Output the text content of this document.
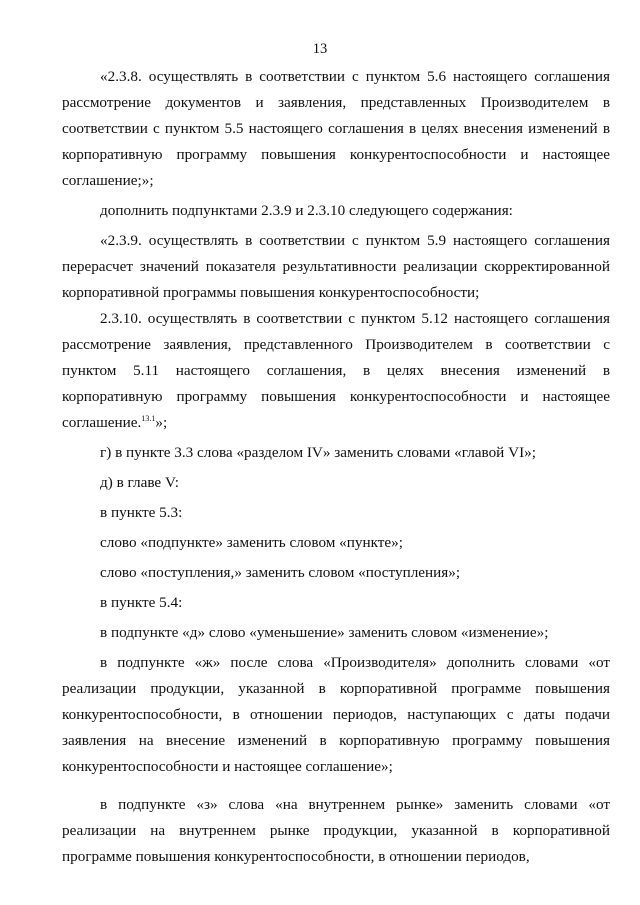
13

«2.3.8. осуществлять в соответствии с пунктом 5.6 настоящего соглашения рассмотрение документов и заявления, представленных Производителем в соответствии с пунктом 5.5 настоящего соглашения в целях внесения изменений в корпоративную программу повышения конкурентоспособности и настоящее соглашение;»;

дополнить подпунктами 2.3.9 и 2.3.10 следующего содержания:

«2.3.9. осуществлять в соответствии с пунктом 5.9 настоящего соглашения перерасчет значений показателя результативности реализации скорректированной корпоративной программы повышения конкурентоспособности;

2.3.10. осуществлять в соответствии с пунктом 5.12 настоящего соглашения рассмотрение заявления, представленного Производителем в соответствии с пунктом 5.11 настоящего соглашения, в целях внесения изменений в корпоративную программу повышения конкурентоспособности и настоящее соглашение.$^{13.1}$»;

г) в пункте 3.3 слова «разделом IV» заменить словами «главой VI»;

д) в главе V:

в пункте 5.3:

слово «подпункте» заменить словом «пункте»;

слово «поступления,» заменить словом «поступления»;

в пункте 5.4:

в подпункте «д» слово «уменьшение» заменить словом «изменение»;

в подпункте «ж» после слова «Производителя» дополнить словами «от реализации продукции, указанной в корпоративной программе повышения конкурентоспособности, в отношении периодов, наступающих с даты подачи заявления на внесение изменений в корпоративную программу повышения конкурентоспособности и настоящее соглашение»;

в подпункте «з» слова «на внутреннем рынке» заменить словами «от реализации на внутреннем рынке продукции, указанной в корпоративной программе повышения конкурентоспособности, в отношении периодов,
